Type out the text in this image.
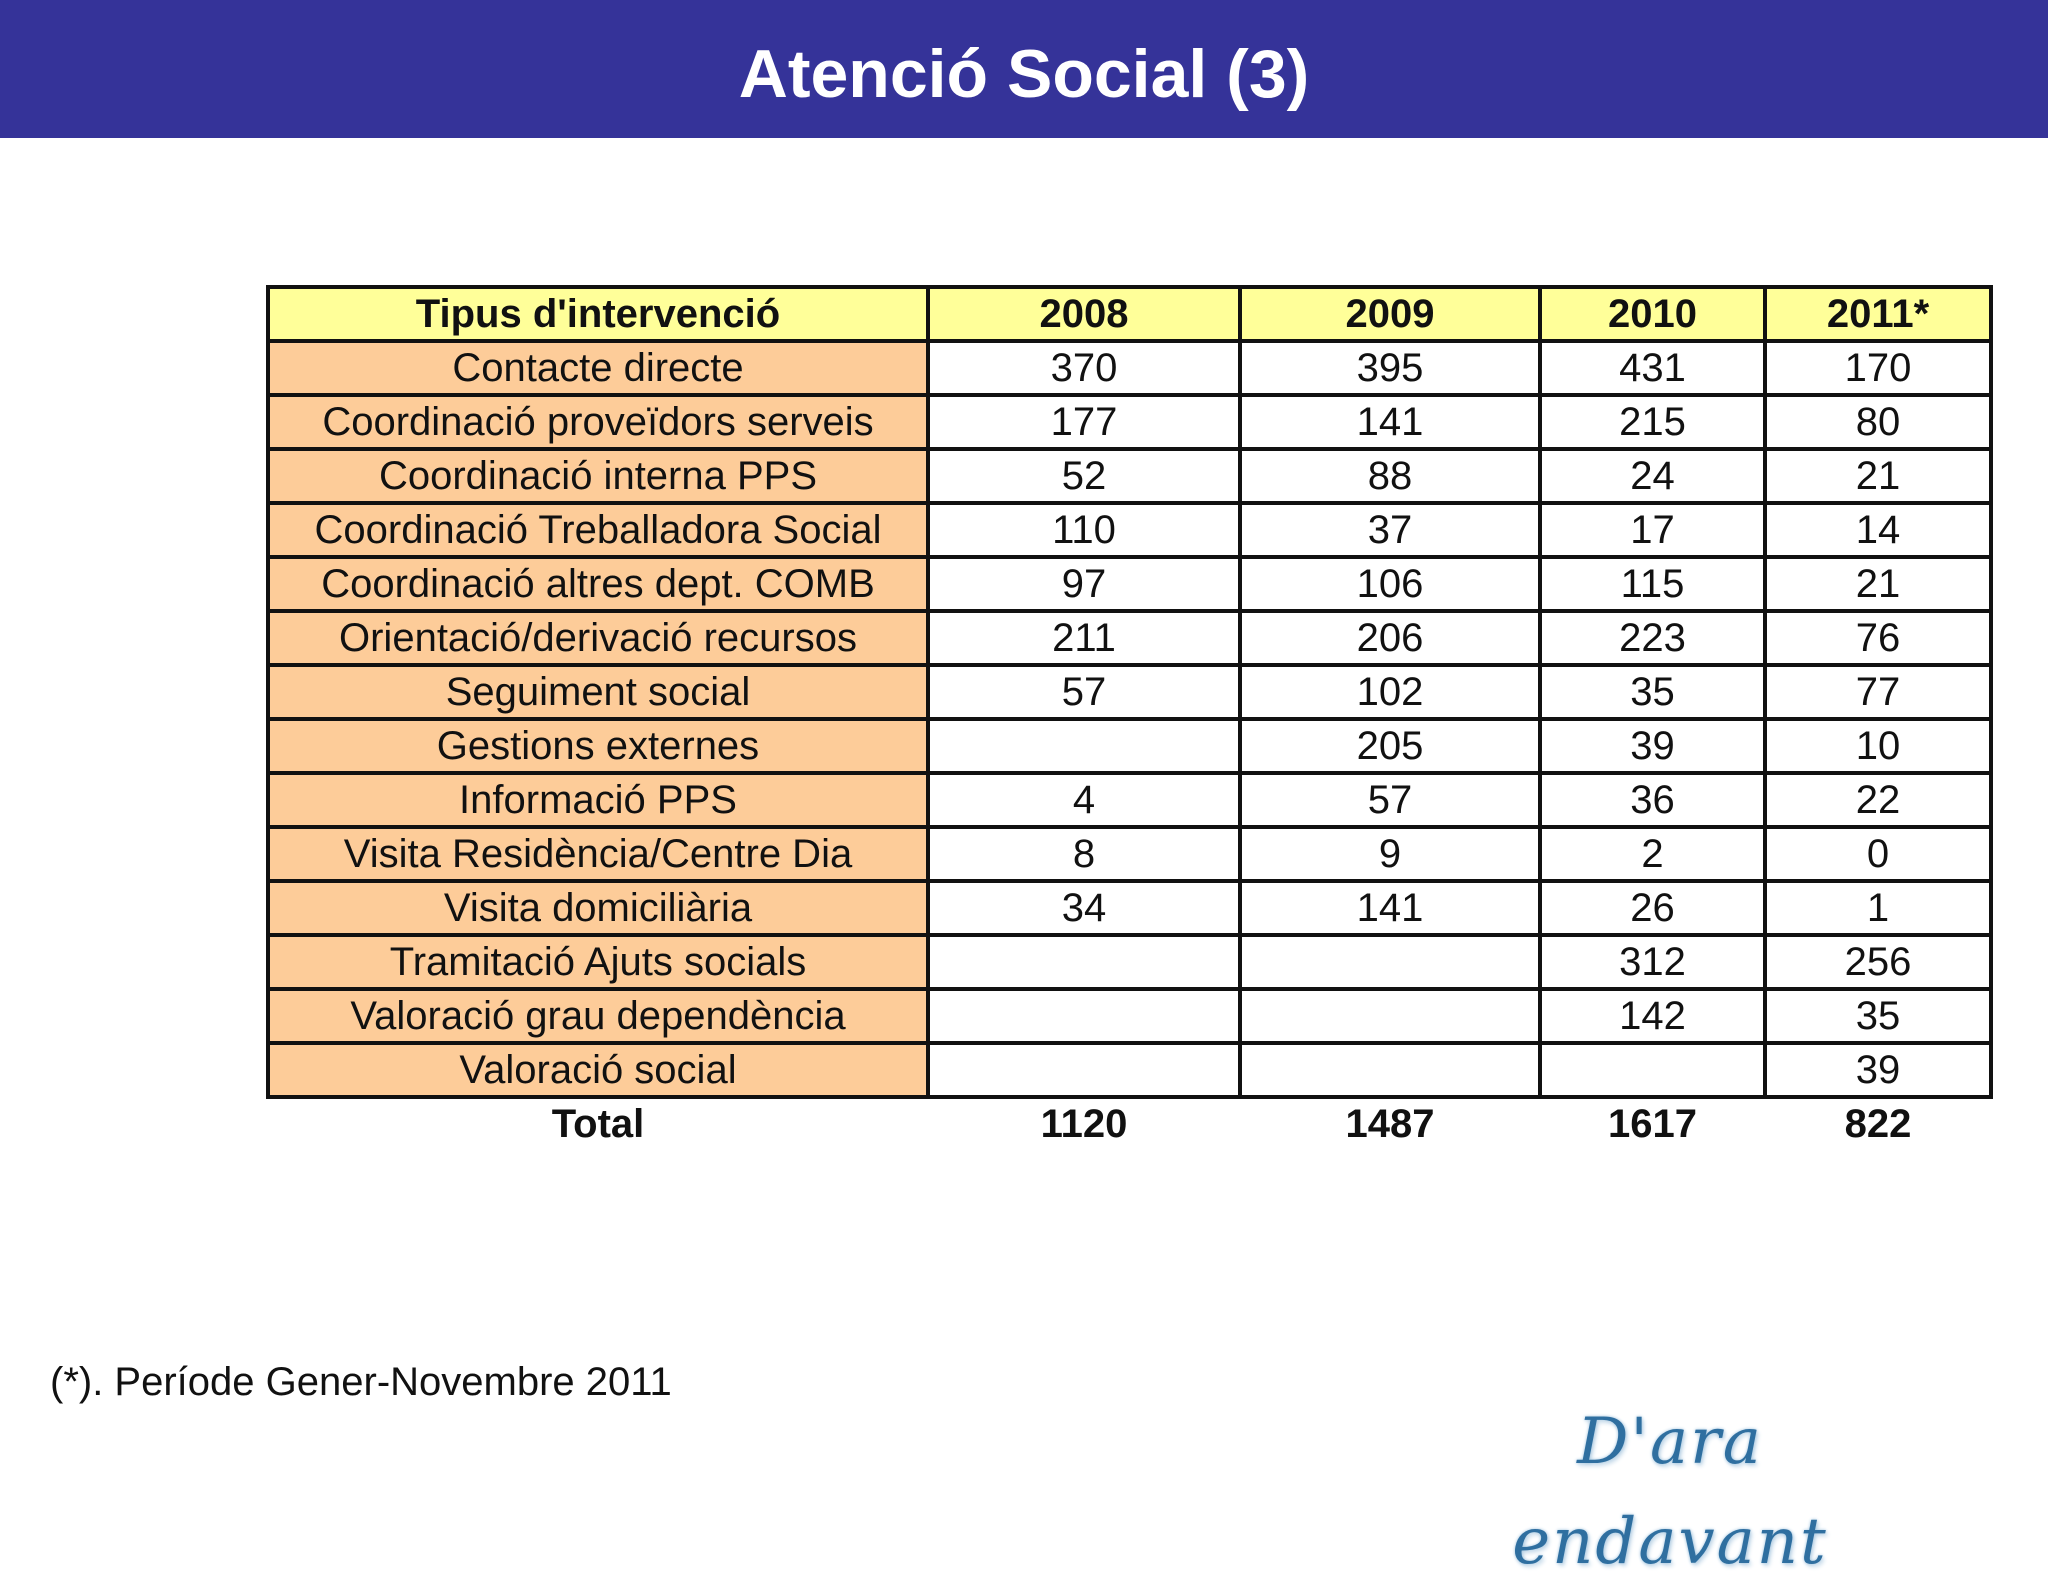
Atenció Social (3)
Tipus d'intervenció	2008	2009	2010	2011*
Contacte directe	370	395	431	170
Coordinació proveïdors serveis	177	141	215	80
Coordinació interna PPS	52	88	24	21
Coordinació Treballadora Social	110	37	17	14
Coordinació altres dept. COMB	97	106	115	21
Orientació/derivació recursos	211	206	223	76
Seguiment social	57	102	35	77
Gestions externes		205	39	10
Informació PPS	4	57	36	22
Visita Residència/Centre Dia	8	9	2	0
Visita domiciliària	34	141	26	1
Tramitació Ajuts socials			312	256
Valoració grau dependència			142	35
Valoració social				39
Total	1120	1487	1617	822
(*). Període Gener-Novembre 2011
D'ara endavant
